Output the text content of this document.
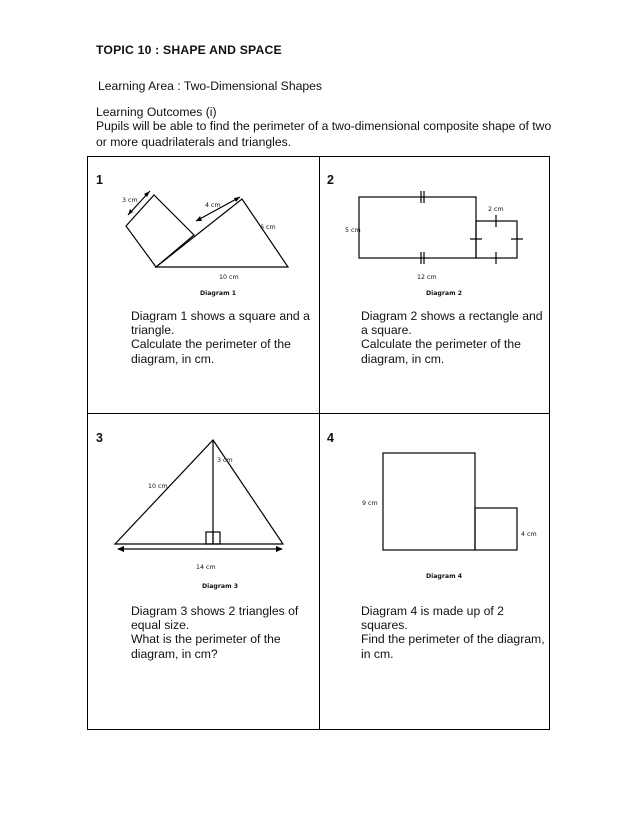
TOPIC 10 : SHAPE AND SPACE
Learning Area : Two-Dimensional Shapes
Learning Outcomes (i)
Pupils will be able to find the perimeter of a two-dimensional composite shape of two or more quadrilaterals and triangles.
1
3 cm
4 cm
6 cm
10 cm
Diagram 1
Diagram 1 shows a square and a
triangle.
Calculate the perimeter of the
diagram, in cm.
2
2 cm
5 cm
12 cm
Diagram 2
Diagram 2 shows a rectangle and
a square.
Calculate the perimeter of the
diagram, in cm.
3
3 cm
10 cm
14 cm
Diagram 3
Diagram 3 shows 2 triangles of
equal size.
What is the perimeter of the
diagram, in cm?
4
9 cm
4 cm
Diagram 4
Diagram 4 is made up of 2
squares.
Find the perimeter of the diagram,
in cm.
